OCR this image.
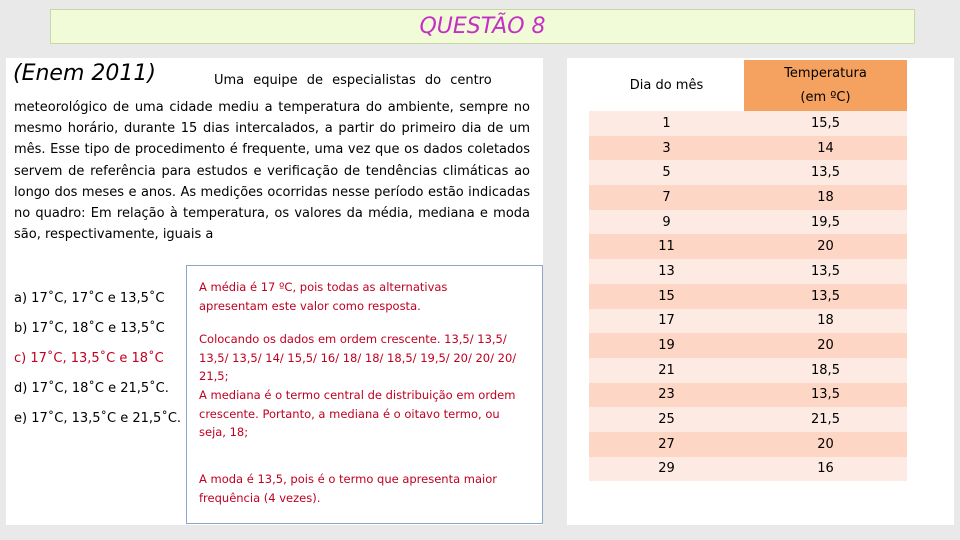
QUESTÃO 8
(Enem 2011)	Uma equipe de especialistas do centro
meteorológico de uma cidade mediu a temperatura do ambiente, sempre no mesmo horário, durante 15 dias intercalados, a partir do primeiro dia de um mês. Esse tipo de procedimento é frequente, uma vez que os dados coletados servem de referência para estudos e verificação de tendências climáticas ao longo dos meses e anos. As medições ocorridas nesse período estão indicadas no quadro: Em relação à temperatura, os valores da média, mediana e moda são, respectivamente, iguais a
a) 17˚C, 17˚C e 13,5˚C
b) 17˚C, 18˚C e 13,5˚C
c) 17˚C, 13,5˚C e 18˚C
d) 17˚C, 18˚C e 21,5˚C.
e) 17˚C, 13,5˚C e 21,5˚C.

A média é 17 ºC, pois todas as alternativas apresentam este valor como resposta.

Colocando os dados em ordem crescente. 13,5/ 13,5/ 13,5/ 13,5/ 14/ 15,5/ 16/ 18/ 18/ 18,5/ 19,5/ 20/ 20/ 20/ 21,5;

A mediana é o termo central de distribuição em ordem crescente. Portanto, a mediana é o oitavo termo, ou seja, 18;

A moda é 13,5, pois é o termo que apresenta maior frequência (4 vezes).

Dia do mês	Temperatura
(em ºC)

1	15,5
3	14
5	13,5
7	18
9	19,5
11	20
13	13,5
15	13,5
17	18
19	20
21	18,5
23	13,5
25	21,5
27	20
29	16
